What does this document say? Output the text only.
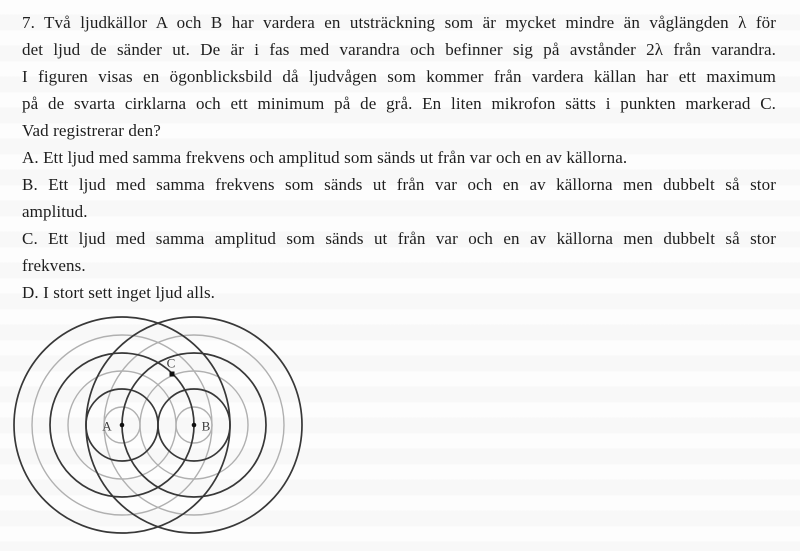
7. Två ljudkällor A och B har vardera en utsträckning som är mycket mindre än våglängden λ för
det ljud de sänder ut. De är i fas med varandra och befinner sig på avstånder 2λ från varandra.
I figuren visas en ögonblicksbild då ljudvågen som kommer från vardera källan har ett maximum
på de svarta cirklarna och ett minimum på de grå. En liten mikrofon sätts i punkten markerad C.
Vad registrerar den?

A. Ett ljud med samma frekvens och amplitud som sänds ut från var och en av källorna.

B. Ett ljud med samma frekvens som sänds ut från var och en av källorna men dubbelt så stor
amplitud.

C. Ett ljud med samma amplitud som sänds ut från var och en av källorna men dubbelt så stor
frekvens.

D. I stort sett inget ljud alls.

A	B
C
